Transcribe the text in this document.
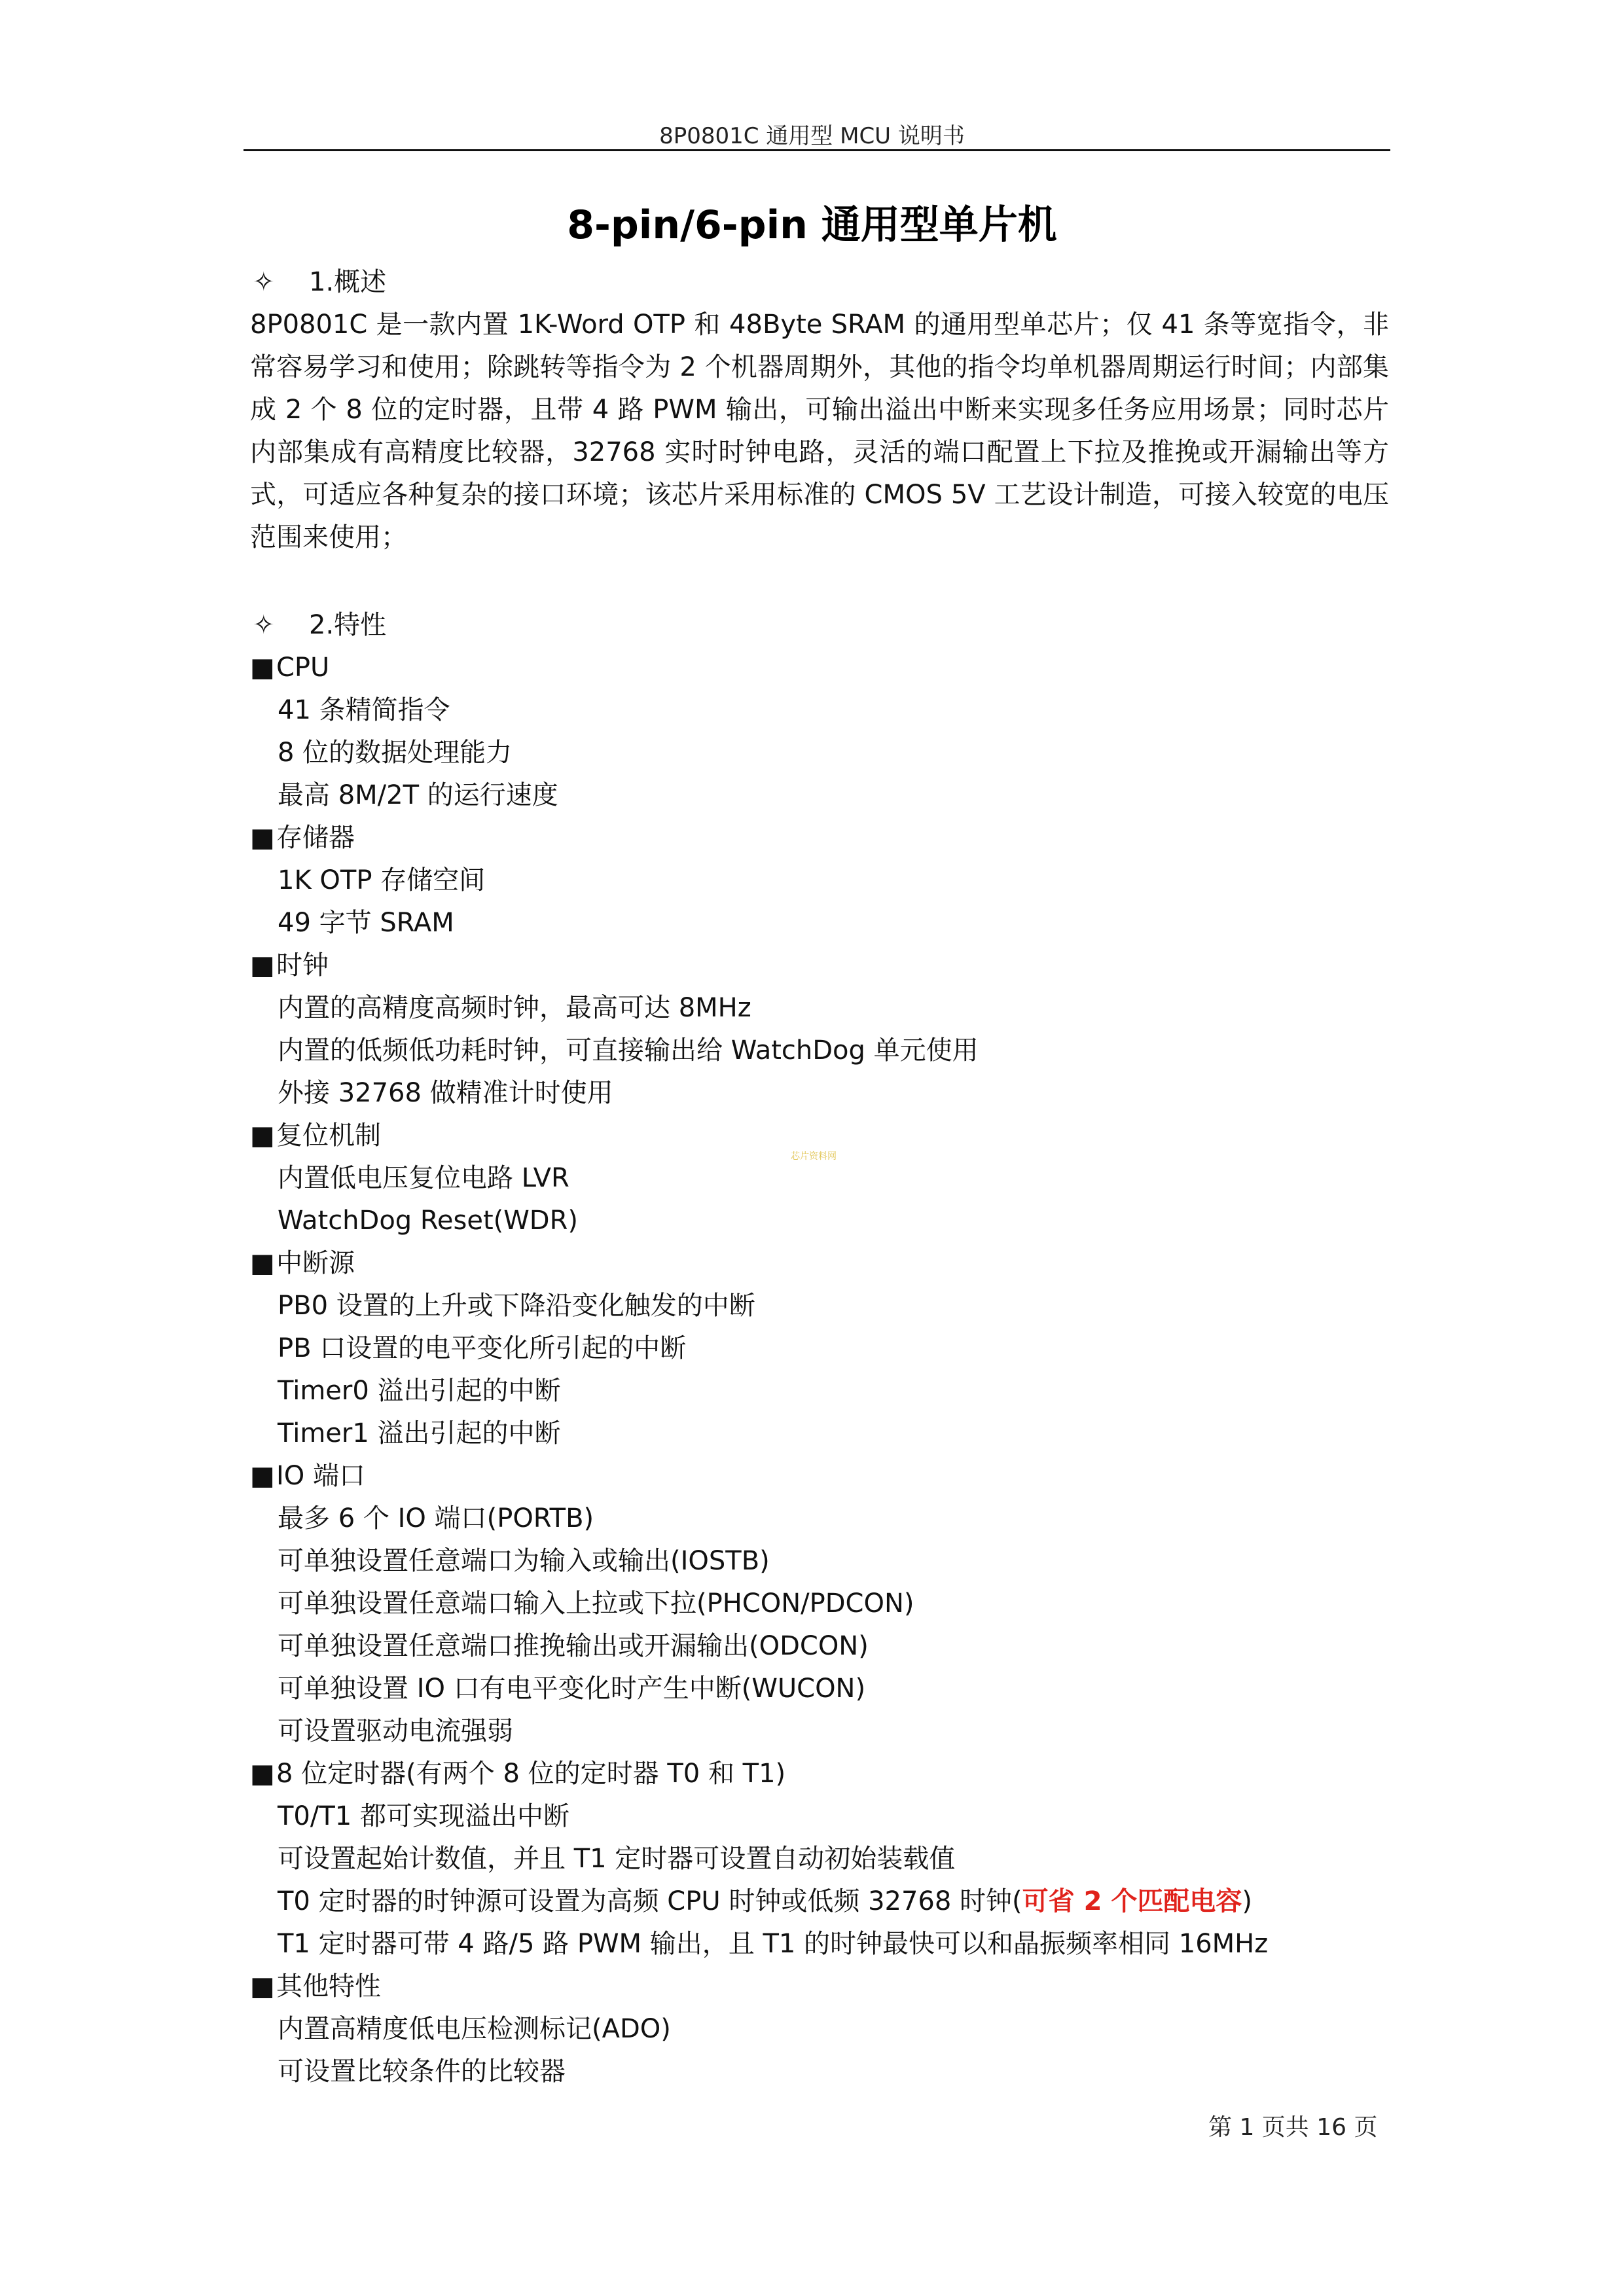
8P0801C 通用型 MCU 说明书
8-pin/6-pin 通用型单片机
✧ 1.概述
8P0801C 是一款内置 1K-Word OTP 和 48Byte SRAM 的通用型单芯片；仅 41 条等宽指令，非常容易学习和使用；除跳转等指令为 2 个机器周期外，其他的指令均单机器周期运行时间；内部集成 2 个 8 位的定时器，且带 4 路 PWM 输出，可输出溢出中断来实现多任务应用场景；同时芯片内部集成有高精度比较器，32768 实时时钟电路，灵活的端口配置上下拉及推挽或开漏输出等方式，可适应各种复杂的接口环境；该芯片采用标准的 CMOS 5V 工艺设计制造，可接入较宽的电压范围来使用；
✧ 2.特性
■CPU
41 条精简指令
8 位的数据处理能力
最高 8M/2T 的运行速度
■存储器
1K OTP 存储空间
49 字节 SRAM
■时钟
内置的高精度高频时钟，最高可达 8MHz
内置的低频低功耗时钟，可直接输出给 WatchDog 单元使用
外接 32768 做精准计时使用
■复位机制
内置低电压复位电路 LVR
WatchDog Reset(WDR)
■中断源
PB0 设置的上升或下降沿变化触发的中断
PB 口设置的电平变化所引起的中断
Timer0 溢出引起的中断
Timer1 溢出引起的中断
■IO 端口
最多 6 个 IO 端口(PORTB)
可单独设置任意端口为输入或输出(IOSTB)
可单独设置任意端口输入上拉或下拉(PHCON/PDCON)
可单独设置任意端口推挽输出或开漏输出(ODCON)
可单独设置 IO 口有电平变化时产生中断(WUCON)
可设置驱动电流强弱
■8 位定时器(有两个 8 位的定时器 T0 和 T1)
T0/T1 都可实现溢出中断
可设置起始计数值，并且 T1 定时器可设置自动初始装载值
T0 定时器的时钟源可设置为高频 CPU 时钟或低频 32768 时钟(可省 2 个匹配电容)
T1 定时器可带 4 路/5 路 PWM 输出，且 T1 的时钟最快可以和晶振频率相同 16MHz
■其他特性
内置高精度低电压检测标记(ADO)
可设置比较条件的比较器
芯片资料网
第 1 页共 16 页
